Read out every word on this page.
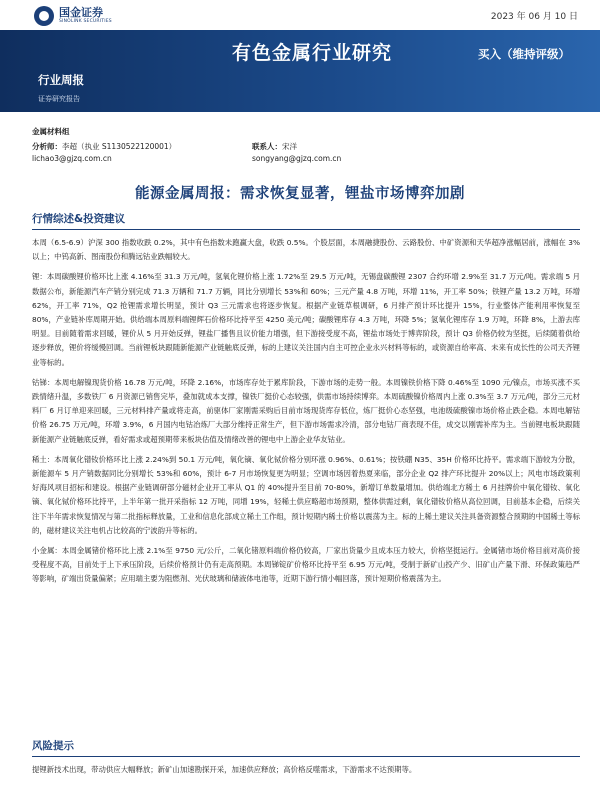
国金证券
SINOLINK SECURITIES	2023 年 06 月 10 日
有色金属行业研究	买入（维持评级）
行业周报
证券研究报告
金属材料组
分析师：李超（执业 S1130522120001）
lichao3@gjzq.com.cn
联系人：宋洋
songyang@gjzq.com.cn
能源金属周报：需求恢复显著，锂盐市场博弈加剧
行情综述&投资建议

本周（6.5-6.9）沪深 300 指数收跌 0.2%，其中有色指数未跑赢大盘，收跌 0.5%。个股层面，本周融捷股份、云路股份、中矿资源和天华超净涨幅居前，涨幅在 3%以上；中钨高新、图南股份和腾远钴业跌幅较大。

锂：本周碳酸锂价格环比上涨 4.16%至 31.3 万元/吨，氢氧化锂价格上涨 1.72%至 29.5 万元/吨，无锡盘碳酸锂 2307 合约环增 2.9%至 31.7 万元/吨。需求端 5 月数据公布，新能源汽车产销分别完成 71.3 万辆和 71.7 万辆，同比分别增长 53%和 60%；三元产量 4.8 万吨，环增 11%，开工率 50%；铁锂产量 13.2 万吨，环增 62%，开工率 71%，Q2 抢锂需求增长明显，预计 Q3 三元需求也将逐步恢复。根据产业链草根调研，6 月排产预计环比提升 15%，行业整体产能利用率恢复至 80%，产业链补库周期开始。供给端本周原料端锂辉石价格环比持平至 4250 美元/吨；碳酸锂库存 4.3 万吨，环降 5%；氢氧化锂库存 1.9 万吨，环降 8%，上游去库明显。目前随着需求回暖，锂价从 5 月开始反弹，锂盐厂播售且议价能力增强，但下游接受度不高，锂盐市场处于博弈阶段，预计 Q3 价格仍较为坚挺，后续随着供给逐步释放，锂价将缓慢回调。当前锂板块跟随新能源产业链触底反弹，标的上建议关注国内自主可控企业永兴材料等标的，或资源自给率高、未来有成长性的公司天齐锂业等标的。

钴锑：本周电解镍现货价格 16.78 万元/吨，环降 2.16%，市场库存处于累库阶段，下游市场的走势一般。本周镍铁价格下降 0.46%至 1090 元/镍点，市场买涨不买跌情绪升温，多数铁厂 6 月资源已销售完毕，叠加就成本支撑，镍铁厂挺价心态较强，供需市场持续博弈。本周硫酸镍价格周内上涨 0.3%至 3.7 万元/吨，部分三元材料厂 6 月订单迎来回暖，三元材料排产量或将走高，前驱体厂家刚需采购后目前市场现货库存低位，炼厂挺价心态坚强，电池级硫酸镍市场价格止跌企稳。本周电解钴价格 26.75 万元/吨，环增 3.9%，6 月国内电钴冶炼厂大部分维持正常生产，但下游市场需求冷清，部分电钴厂商表现不佳，成交以刚需补库为主。当前锂电板块跟随新能源产业链触底反弹，看好需求或超预期带来板块估值及情绪改善的锂电中上游企业华友钴业。

稀土：本周氧化镨钕价格环比上涨 2.24%到 50.1 万元/吨，氧化镝、氧化铽价格分别环涨 0.96%、0.61%；按铁硼 N35、35H 价格环比持平。需求端下游较为分散，新能源车 5 月产销数据同比分别增长 53%和 60%，预计 6-7 月市场恢复更为明显；空调市场因着热夏来临，部分企业 Q2 排产环比提升 20%以上；风电市场政策利好海风项目招标和建设。根据产业链调研部分磁材企业开工率从 Q1 的 40%提升至目前 70-80%，新增订单数量增加。供给端北方稀土 6 月挂牌价中氧化镨钕、氧化镝、氧化铽价格环比持平，上半年第一批开采指标 12 万吨，同增 19%，轻稀土供应略超市场预期，整体供需过剩，氧化镨钕价格从高位回调，目前基本企稳，后续关注下半年需求恢复情况与第二批指标释放量，工业和信息化部成立稀土工作组，预计短期内稀土价格以震荡为主。标的上稀土建议关注具备资源整合预期的中国稀土等标的，磁材建议关注电机占比较高的宁波韵升等标的。

小金属：本周金属锗价格环比上涨 2.1%至 9750 元/公斤，二氧化锗原料端价格仍较高，厂家出货量少且成本压力较大，价格坚挺运行。金属锗市场价格目前对高价接受程度不高，目前处于上下承压阶段，后续价格预计仍有走高预期。本周锑锭矿价格环比持平至 6.95 万元/吨，受制于新矿山投产少、旧矿山产量下滑、环保政策趋严等影响，矿端出货量偏紧；应用端主要为阻燃剂、光伏玻璃和储液体电池等，近期下游行情小幅回落，预计短期价格震荡为主。

风险提示

提锂新技术出现，带动供应大幅释放；新矿山加速勘探开采，加速供应释放；高价格反噬需求，下游需求不达预期等。
